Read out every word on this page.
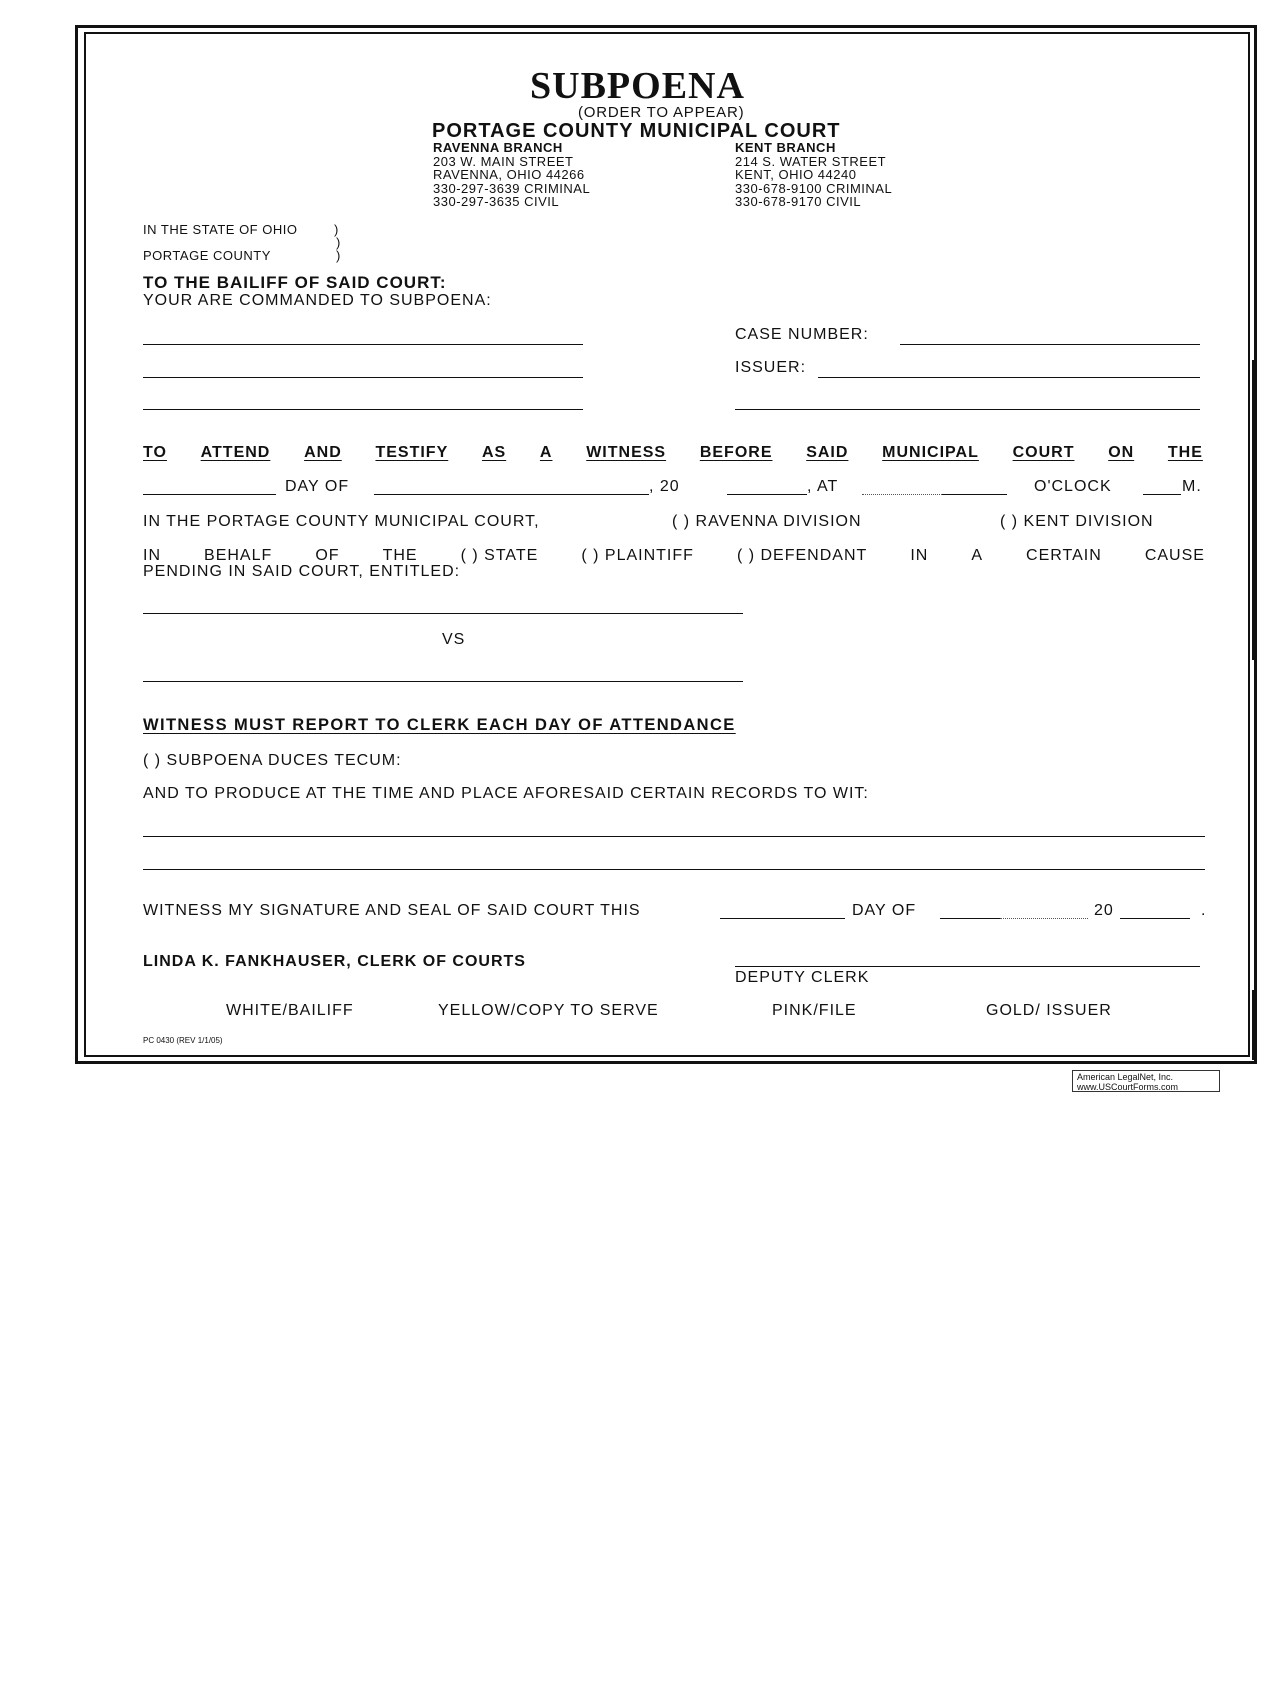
SUBPOENA
(ORDER TO APPEAR)
PORTAGE COUNTY MUNICIPAL COURT
RAVENNA BRANCH
203 W. MAIN STREET
RAVENNA, OHIO 44266
330-297-3639 CRIMINAL
330-297-3635 CIVIL
KENT BRANCH
214 S. WATER STREET
KENT, OHIO 44240
330-678-9100 CRIMINAL
330-678-9170 CIVIL
IN THE STATE OF OHIO	)
)
PORTAGE COUNTY	)
TO THE BAILIFF OF SAID COURT:
YOUR ARE COMMANDED TO SUBPOENA:
CASE NUMBER:
ISSUER:
TO ATTEND AND TESTIFY AS A WITNESS BEFORE SAID MUNICIPAL COURT ON THE
DAY OF	, 20	, AT	O'CLOCK	M.
IN THE PORTAGE COUNTY MUNICIPAL COURT,	( ) RAVENNA DIVISION	( ) KENT DIVISION
IN	BEHALF	OF	THE	( ) STATE	( ) PLAINTIFF	( ) DEFENDANT	IN	A	CERTAIN	CAUSE
PENDING IN SAID COURT, ENTITLED:
VS
WITNESS MUST REPORT TO CLERK EACH DAY OF ATTENDANCE
( ) SUBPOENA DUCES TECUM:
AND TO PRODUCE AT THE TIME AND PLACE AFORESAID CERTAIN RECORDS TO WIT:
WITNESS MY SIGNATURE AND SEAL OF SAID COURT THIS	DAY OF	20	.
LINDA K. FANKHAUSER, CLERK OF COURTS
DEPUTY CLERK
WHITE/BAILIFF	YELLOW/COPY TO SERVE	PINK/FILE	GOLD/ ISSUER
PC 0430 (REV 1/1/05)
American LegalNet, Inc.
www.USCourtForms.com
